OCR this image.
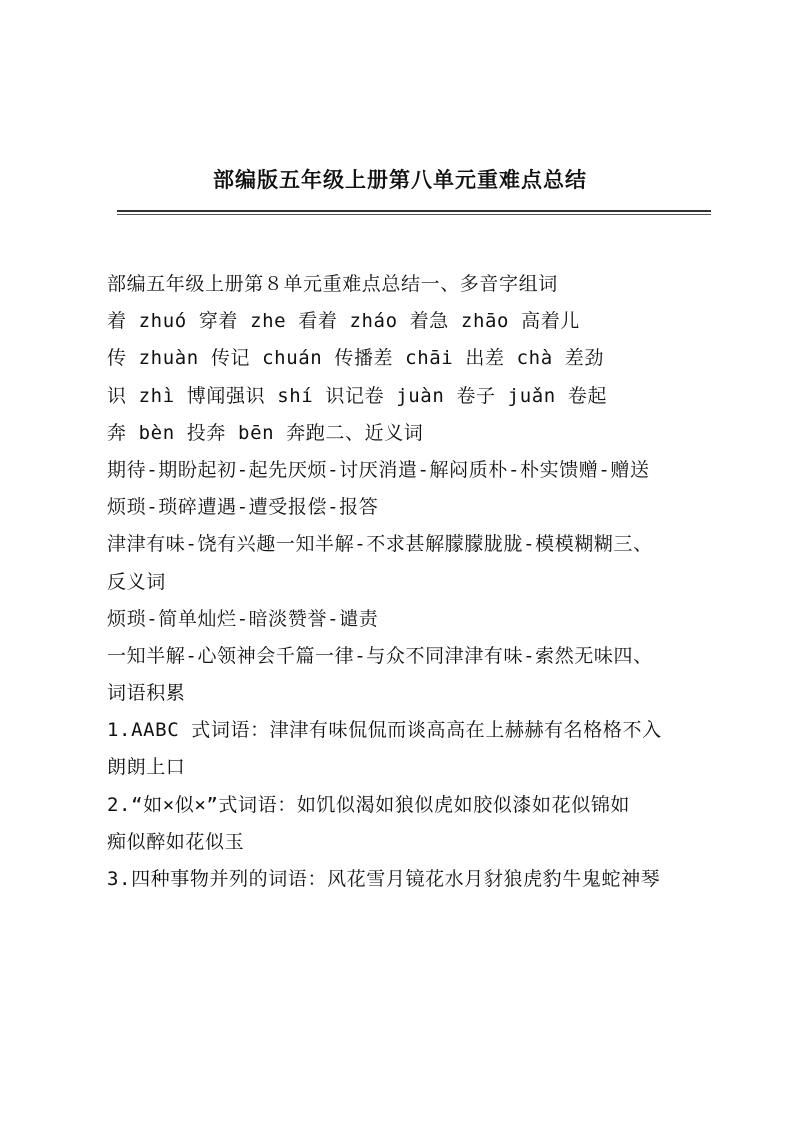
部编版五年级上册第八单元重难点总结
部编五年级上册第８单元重难点总结一、多音字组词
着 zhuó 穿着 zhe 看着 zháo 着急 zhāo 高着儿
传 zhuàn 传记 chuán 传播差 chāi 出差 chà 差劲
识 zhì 博闻强识 shí 识记卷 juàn 卷子 juǎn 卷起
奔 bèn 投奔 bēn 奔跑二、近义词
期待-期盼起初-起先厌烦-讨厌消遣-解闷质朴-朴实馈赠-赠送
烦琐-琐碎遭遇-遭受报偿-报答
津津有味-饶有兴趣一知半解-不求甚解朦朦胧胧-模模糊糊三、
反义词
烦琐-简单灿烂-暗淡赞誉-谴责
一知半解-心领神会千篇一律-与众不同津津有味-索然无味四、
词语积累
1.AABC 式词语：津津有味侃侃而谈高高在上赫赫有名格格不入
朗朗上口
2.“如×似×”式词语：如饥似渴如狼似虎如胶似漆如花似锦如
痴似醉如花似玉
3.四种事物并列的词语：风花雪月镜花水月豺狼虎豹牛鬼蛇神琴
